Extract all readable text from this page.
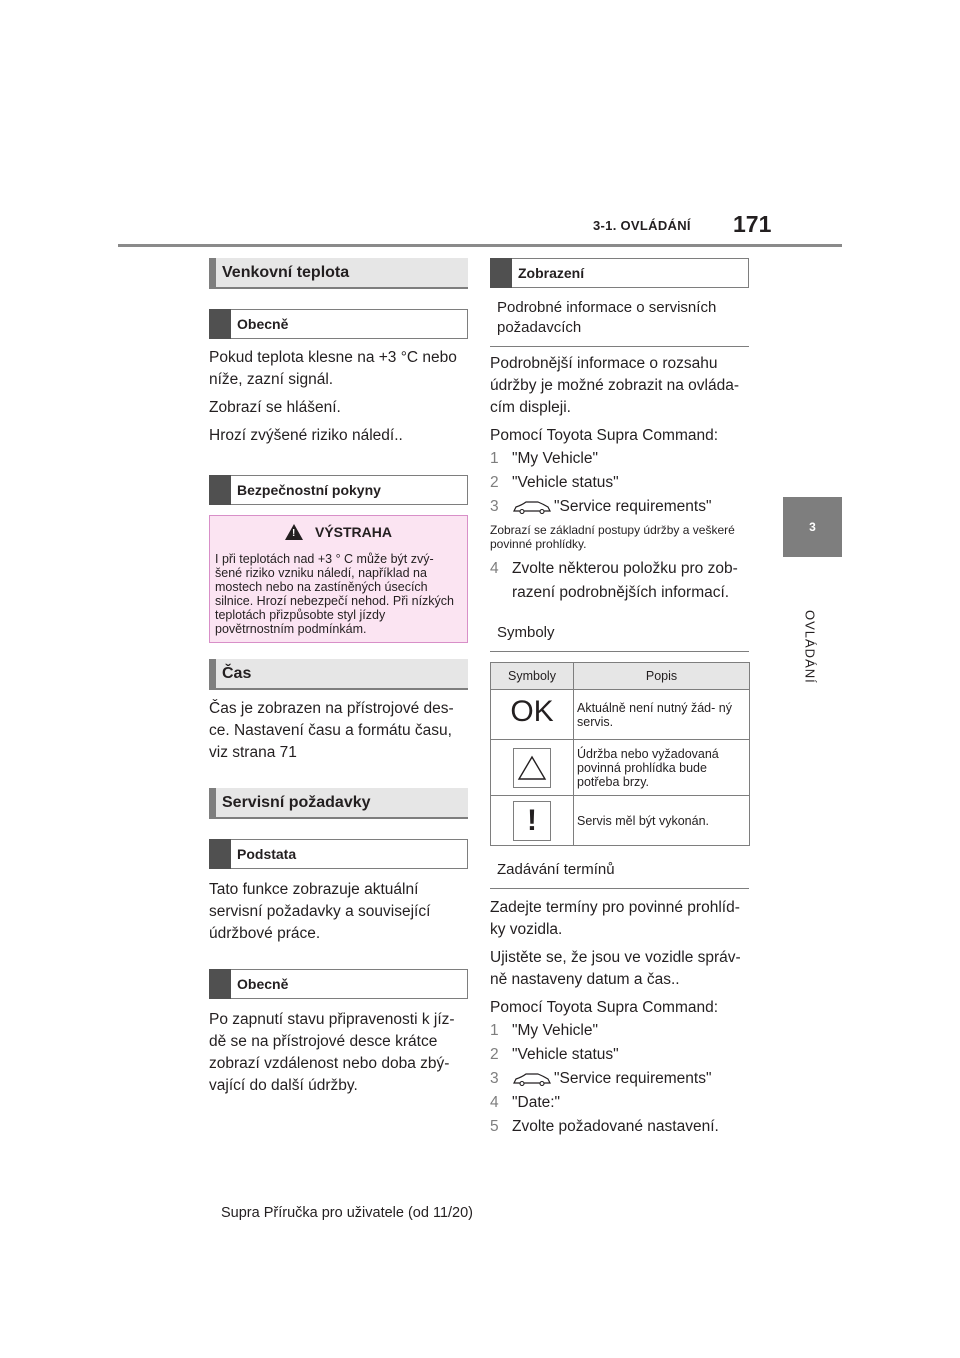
3-1. OVLÁDÁNÍ 171
3
OVLÁDÁNÍ
Venkovní teplota
Obecně

Pokud teplota klesne na +3 °C nebo níže, zazní signál.

Zobrazí se hlášení.

Hrozí zvýšené riziko náledí..

Bezpečnostní pokyny
!
VÝSTRAHA
I při teplotách nad +3 ° C může být zvý- šené riziko vzniku náledí, například na mostech nebo na zastíněných úsecích silnice. Hrozí nebezpečí nehod. Při nízkých teplotách přizpůsobte styl jízdy povětrnostním podmínkám.
Čas

Čas je zobrazen na přístrojové des- ce. Nastavení času a formátu času, viz strana 71

Servisní požadavky
Podstata

Tato funkce zobrazuje aktuální servisní požadavky a související údržbové práce.

Obecně

Po zapnutí stavu připravenosti k jíz- dě se na přístrojové desce krátce zobrazí vzdálenost nebo doba zbý- vající do další údržby.

Zobrazení
Podrobné informace o servisních požadavcích

Podrobnější informace o rozsahu údržby je možné zobrazit na ovláda- cím displeji.

Pomocí Toyota Supra Command:

1 "My Vehicle"
2 "Vehicle status"
3	"Service requirements"
Zobrazí se základní postupy údržby a veškeré povinné prohlídky.
4 Zvolte některou položku pro zob- razení podrobnějších informací.
Symboly
Symboly	Popis
OK	Aktuálně není nutný žád- ný servis.

	Údržba nebo vyžadovaná povinná prohlídka bude potřeba brzy.
!	Servis měl být vykonán.
Zadávání termínů

Zadejte termíny pro povinné prohlíd- ky vozidla.

Ujistěte se, že jsou ve vozidle správ- ně nastaveny datum a čas..

Pomocí Toyota Supra Command:

1 "My Vehicle"
2 "Vehicle status"
3	"Service requirements"
4 "Date:"
5 Zvolte požadované nastavení.
Supra Příručka pro uživatele (od 11/20)
